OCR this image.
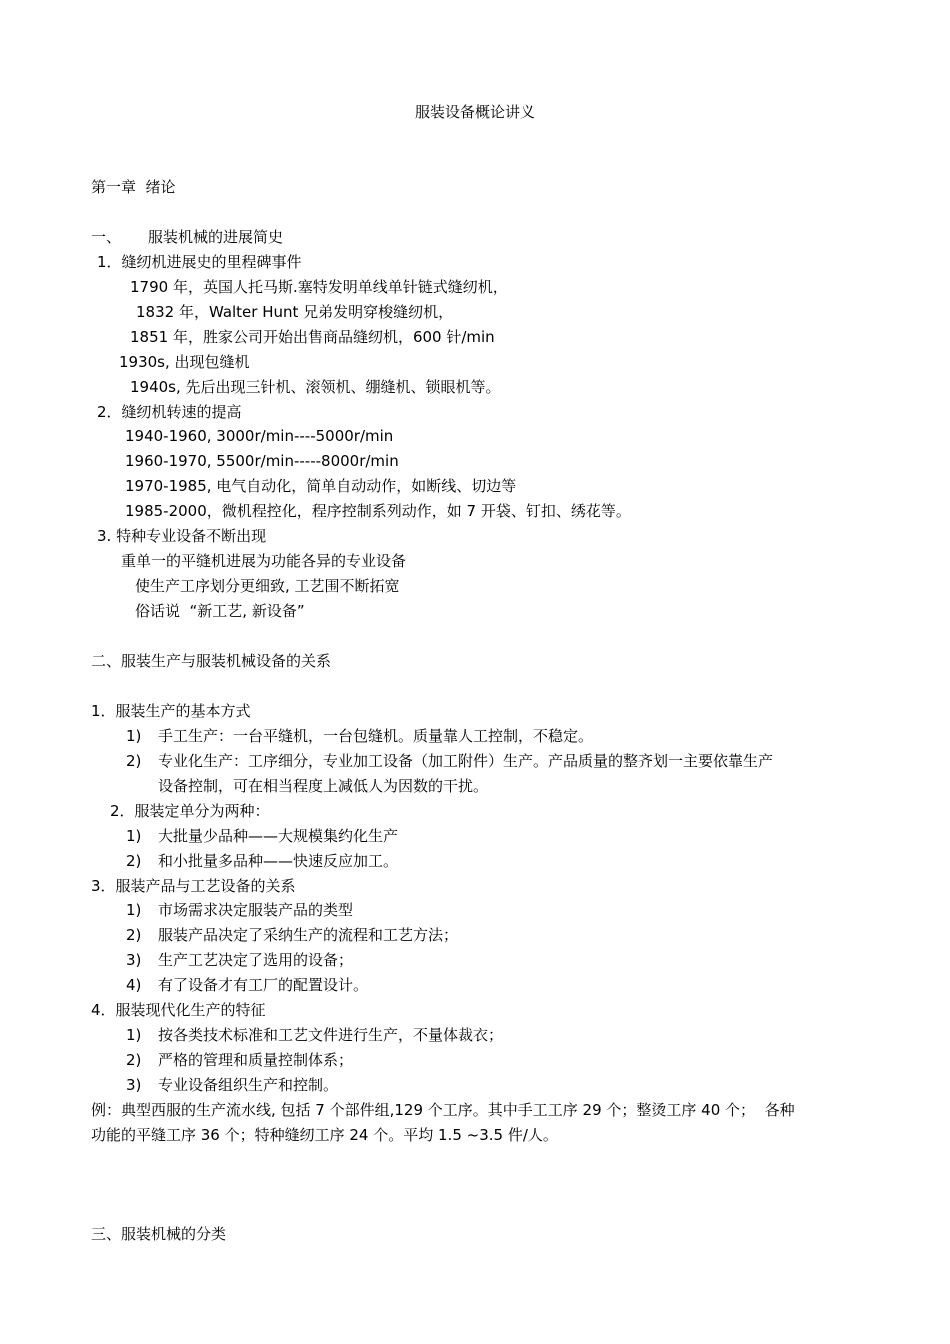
服装设备概论讲义
第一章  绪论
一、 服装机械的进展简史
1．缝纫机进展史的里程碑事件
1790 年，英国人托马斯.塞特发明单线单针链式缝纫机，
1832 年，Walter Hunt 兄弟发明穿梭缝纫机，
1851 年，胜家公司开始出售商品缝纫机，600 针/min
1930s, 出现包缝机
1940s, 先后出现三针机、滚领机、绷缝机、锁眼机等。
2．缝纫机转速的提高
1940-1960, 3000r/min----5000r/min
1960-1970, 5500r/min-----8000r/min
1970-1985, 电气自动化，简单自动动作，如断线、切边等
1985-2000，微机程控化，程序控制系列动作，如 7 开袋、钉扣、绣花等。
3. 特种专业设备不断出现
重单一的平缝机进展为功能各异的专业设备
使生产工序划分更细致, 工艺围不断拓宽
俗话说  “新工艺, 新设备”
二、服装生产与服装机械设备的关系
1．服装生产的基本方式
1) 手工生产：一台平缝机，一台包缝机。质量靠人工控制，不稳定。
2) 专业化生产：工序细分，专业加工设备（加工附件）生产。产品质量的整齐划一主要依靠生产
设备控制，可在相当程度上减低人为因数的干扰。
2．服装定单分为两种：
1) 大批量少品种——大规模集约化生产
2) 和小批量多品种——快速反应加工。
3．服装产品与工艺设备的关系
1) 市场需求决定服装产品的类型
2) 服装产品决定了采纳生产的流程和工艺方法；
3) 生产工艺决定了选用的设备；
4) 有了设备才有工厂的配置设计。
4．服装现代化生产的特征
1) 按各类技术标准和工艺文件进行生产，不量体裁衣；
2) 严格的管理和质量控制体系；
3) 专业设备组织生产和控制。
例：典型西服的生产流水线, 包括 7 个部件组,129 个工序。其中手工工序 29 个；整烫工序 40 个；  各种
功能的平缝工序 36 个；特种缝纫工序 24 个。平均 1.5 ~3.5 件/人。
三、服装机械的分类
